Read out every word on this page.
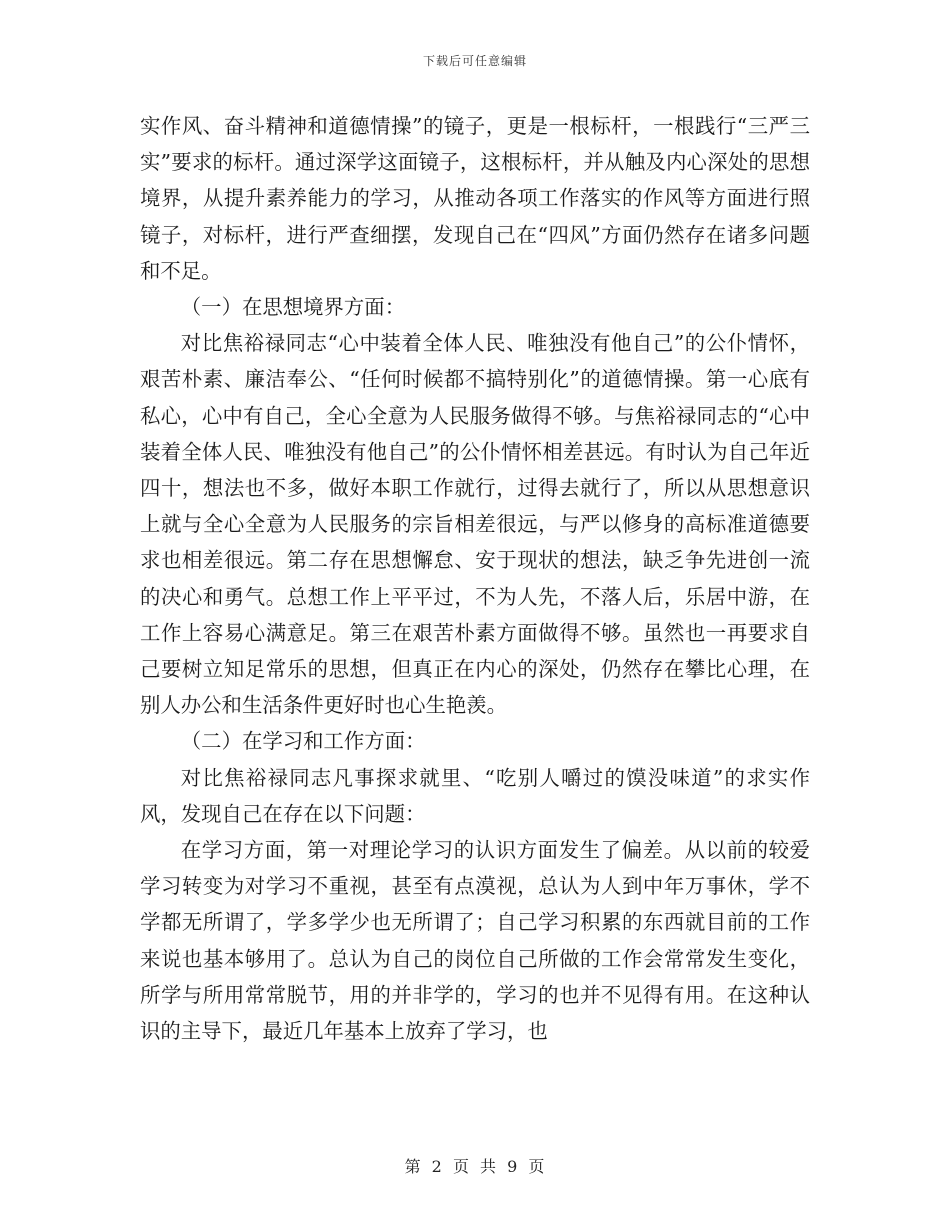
下载后可任意编辑

实作风、奋斗精神和道德情操”的镜子，更是一根标杆，一根践行“三严三实”要求的标杆。通过深学这面镜子，这根标杆，并从触及内心深处的思想境界，从提升素养能力的学习，从推动各项工作落实的作风等方面进行照镜子，对标杆，进行严查细摆，发现自己在“四风”方面仍然存在诸多问题和不足。

（一）在思想境界方面：

对比焦裕禄同志“心中装着全体人民、唯独没有他自己”的公仆情怀，艰苦朴素、廉洁奉公、“任何时候都不搞特别化”的道德情操。第一心底有私心，心中有自己，全心全意为人民服务做得不够。与焦裕禄同志的“心中装着全体人民、唯独没有他自己”的公仆情怀相差甚远。有时认为自己年近四十，想法也不多，做好本职工作就行，过得去就行了，所以从思想意识上就与全心全意为人民服务的宗旨相差很远，与严以修身的高标准道德要求也相差很远。第二存在思想懈怠、安于现状的想法，缺乏争先进创一流的决心和勇气。总想工作上平平过，不为人先，不落人后，乐居中游，在工作上容易心满意足。第三在艰苦朴素方面做得不够。虽然也一再要求自己要树立知足常乐的思想，但真正在内心的深处，仍然存在攀比心理，在别人办公和生活条件更好时也心生艳羡。

（二）在学习和工作方面：

对比焦裕禄同志凡事探求就里、“吃别人嚼过的馍没味道”的求实作风，发现自己在存在以下问题：

在学习方面，第一对理论学习的认识方面发生了偏差。从以前的较爱学习转变为对学习不重视，甚至有点漠视，总认为人到中年万事休，学不学都无所谓了，学多学少也无所谓了；自己学习积累的东西就目前的工作来说也基本够用了。总认为自己的岗位自己所做的工作会常常发生变化，所学与所用常常脱节，用的并非学的，学习的也并不见得有用。在这种认识的主导下，最近几年基本上放弃了学习，也

第 2 页 共 9 页
